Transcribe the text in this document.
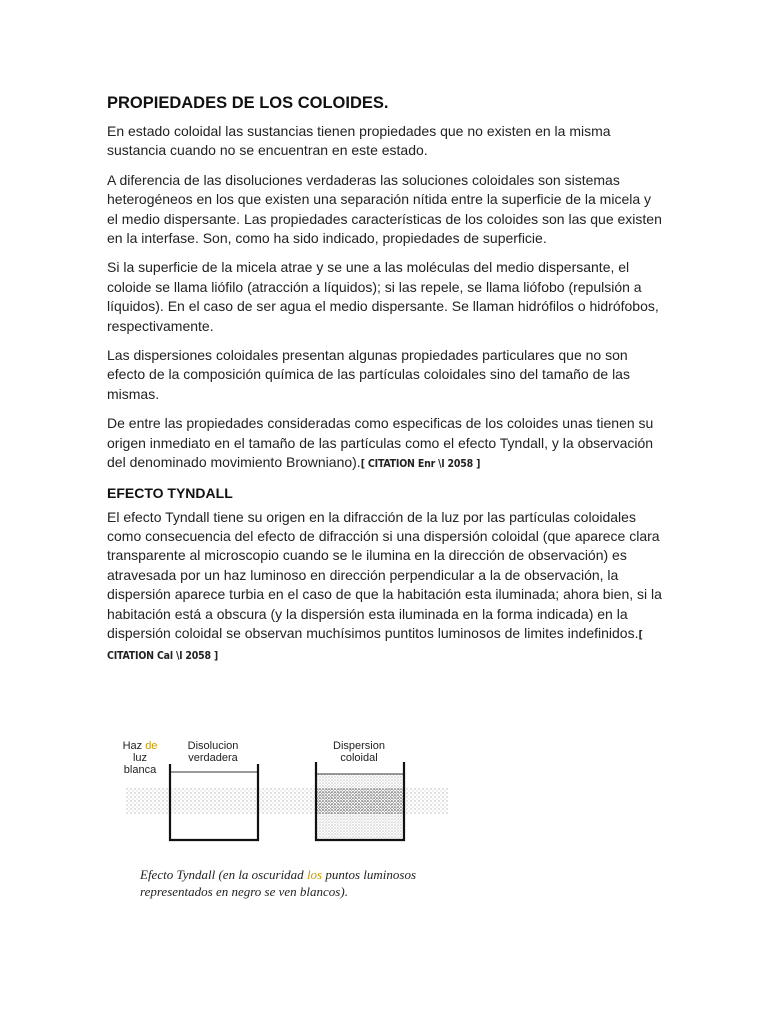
PROPIEDADES DE LOS COLOIDES.

En estado coloidal las sustancias tienen propiedades que no existen en la misma sustancia cuando no se encuentran en este estado.

A diferencia de las disoluciones verdaderas las soluciones coloidales son sistemas heterogéneos en los que existen una separación nítida entre la superficie de la micela y el medio dispersante. Las propiedades características de los coloides son las que existen en la interfase. Son, como ha sido indicado, propiedades de superficie.

Si la superficie de la micela atrae y se une a las moléculas del medio dispersante, el coloide se llama liófilo (atracción a líquidos); si las repele, se llama liófobo (repulsión a líquidos). En el caso de ser agua el medio dispersante. Se llaman hidrófilos o hidrófobos, respectivamente.

Las dispersiones coloidales presentan algunas propiedades particulares que no son efecto de la composición química de las partículas coloidales sino del tamaño de las mismas.

De entre las propiedades consideradas como especificas de los coloides unas tienen su origen inmediato en el tamaño de las partículas como el efecto Tyndall, y la observación del denominado movimiento Browniano).[ CITATION Enr \l 2058 ]

EFECTO TYNDALL

El efecto Tyndall tiene su origen en la difracción de la luz por las partículas coloidales como consecuencia del efecto de difracción si una dispersión coloidal (que aparece clara transparente al microscopio cuando se le ilumina en la dirección de observación) es atravesada por un haz luminoso en dirección perpendicular a la de observación, la dispersión aparece turbia en el caso de que la habitación esta iluminada; ahora bien, si la habitación está a obscura (y la dispersión esta iluminada en la forma indicada) en la dispersión coloidal se observan muchísimos puntitos luminosos de limites indefinidos.[ CITATION Cal \l 2058 ]

Haz de
luz
blanca
Disolucion
verdadera
Dispersion
coloidal
Efecto Tyndall (en la oscuridad los puntos luminosos representados en negro se ven blancos).
